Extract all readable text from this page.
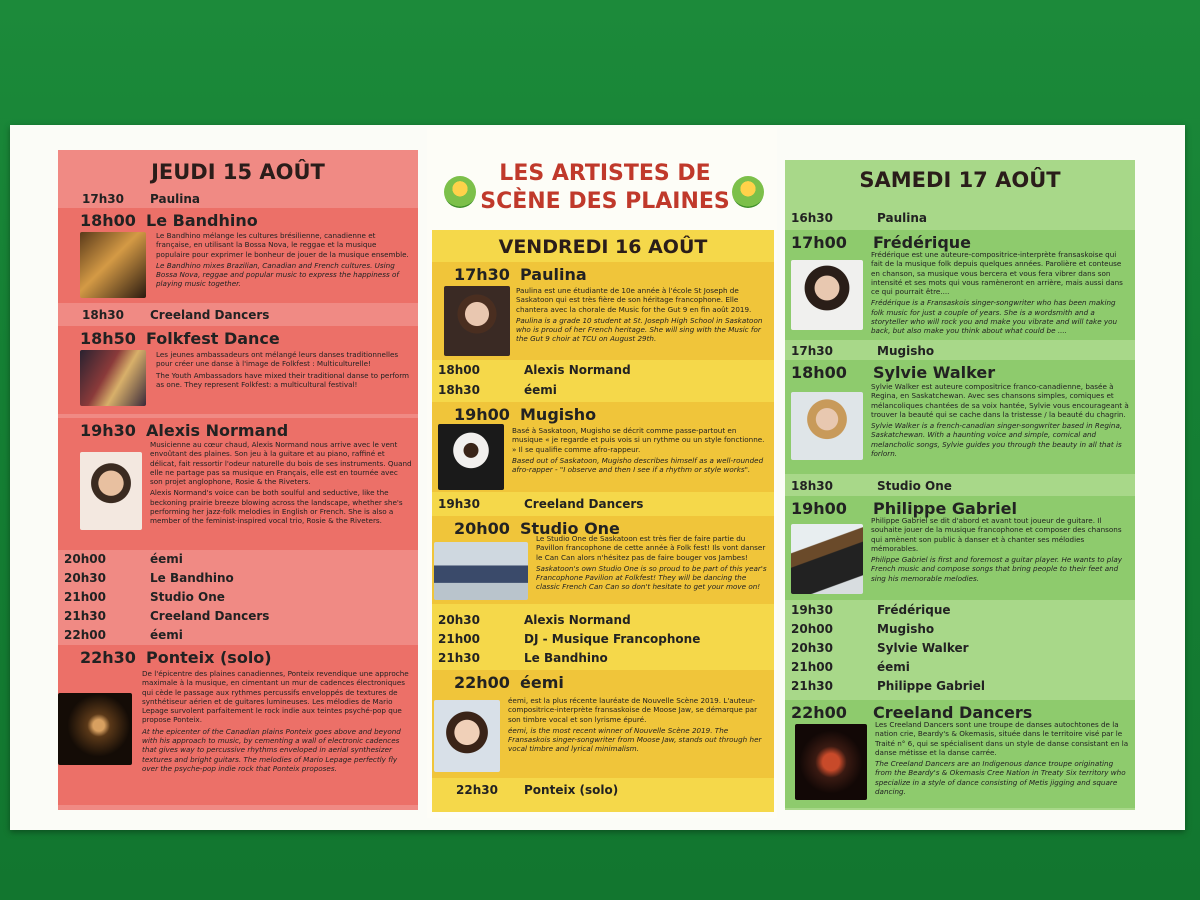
JEUDI 15 AOÛT
17h30	Paulina
18h00 Le Bandhino
Le Bandhino mélange les cultures brésilienne, canadienne et française, en utilisant la Bossa Nova, le reggae et la musique populaire pour exprimer le bonheur de jouer de la musique ensemble.
Le Bandhino mixes Brazilian, Canadian and French cultures. Using Bossa Nova, reggae and popular music to express the happiness of playing music together.
18h30	Creeland Dancers
18h50 Folkfest Dance
Les jeunes ambassadeurs ont mélangé leurs danses traditionnelles pour créer une danse à l'image de Folkfest : Multiculturelle!
The Youth Ambassadors have mixed their traditional danse to perform as one. They represent Folkfest: a multicultural festival!
19h30 Alexis Normand
Musicienne au cœur chaud, Alexis Normand nous arrive avec le vent envoûtant des plaines. Son jeu à la guitare et au piano, raffiné et délicat, fait ressortir l'odeur naturelle du bois de ses instruments. Quand elle ne partage pas sa musique en Français, elle est en tournée avec son projet anglophone, Rosie & the Riveters.
Alexis Normand's voice can be both soulful and seductive, like the beckoning prairie breeze blowing across the landscape, whether she's performing her jazz-folk melodies in English or French. She is also a member of the feminist-inspired vocal trio, Rosie & the Riveters.
20h00	éemi
20h30	Le Bandhino
21h00	Studio One
21h30	Creeland Dancers
22h00	éemi
22h30 Ponteix (solo)
De l'épicentre des plaines canadiennes, Ponteix revendique une approche maximale à la musique, en cimentant un mur de cadences électroniques qui cède le passage aux rythmes percussifs enveloppés de textures de synthétiseur aérien et de guitares lumineuses. Les mélodies de Mario Lepage survolent parfaitement le rock indie aux teintes psyché-pop que propose Ponteix.
At the epicenter of the Canadian plains Ponteix goes above and beyond with his approach to music, by cementing a wall of electronic cadences that gives way to percussive rhythms enveloped in aerial synthesizer textures and bright guitars. The melodies of Mario Lepage perfectly fly over the psyche-pop indie rock that Ponteix proposes.
LES ARTISTES DE
SCÈNE DES PLAINES
VENDREDI 16 AOÛT
17h30 Paulina
Paulina est une étudiante de 10e année à l'école St Joseph de Saskatoon qui est très fière de son héritage francophone. Elle chantera avec la chorale de Music for the Gut 9 en fin août 2019.
Paulina is a grade 10 student at St. Joseph High School in Saskatoon who is proud of her French heritage. She will sing with the Music for the Gut 9 choir at TCU on August 29th.
18h00	Alexis Normand
18h30	éemi
19h00 Mugisho
Basé à Saskatoon, Mugisho se décrit comme passe-partout en musique « je regarde et puis vois si un rythme ou un style fonctionne. » Il se qualifie comme afro-rappeur.
Based out of Saskatoon, Mugisho describes himself as a well-rounded afro-rapper - "I observe and then I see if a rhythm or style works".
19h30	Creeland Dancers
20h00 Studio One
Le Studio One de Saskatoon est très fier de faire partie du Pavillon francophone de cette année à Folk fest! Ils vont danser le Can Can alors n'hésitez pas de faire bouger vos Jambes!
Saskatoon's own Studio One is so proud to be part of this year's Francophone Pavilion at Folkfest! They will be dancing the classic French Can Can so don't hesitate to get your move on!
20h30	Alexis Normand
21h00	DJ - Musique Francophone
21h30	Le Bandhino
22h00 éemi
éemi, est la plus récente lauréate de Nouvelle Scène 2019. L'auteur-compositrice-interprète fransaskoise de Moose Jaw, se démarque par son timbre vocal et son lyrisme épuré.
éemi, is the most recent winner of Nouvelle Scène 2019. The Fransaskois singer-songwriter from Moose Jaw, stands out through her vocal timbre and lyrical minimalism.
22h30	Ponteix (solo)
SAMEDI 17 AOÛT
16h30	Paulina
17h00	Frédérique
Frédérique est une auteure-compositrice-interprète fransaskoise qui fait de la musique folk depuis quelques années. Parolière et conteuse en chanson, sa musique vous bercera et vous fera vibrer dans son intensité et ses mots qui vous ramèneront en arrière, mais aussi dans ce qui pourrait être....
Frédérique is a Fransaskois singer-songwriter who has been making folk music for just a couple of years. She is a wordsmith and a storyteller who will rock you and make you vibrate and will take you back, but also make you think about what could be ....
17h30	Mugisho
18h00	Sylvie Walker
Sylvie Walker est auteure compositrice franco-canadienne, basée à Regina, en Saskatchewan. Avec ses chansons simples, comiques et mélancoliques chantées de sa voix hantée, Sylvie vous encourageant à trouver la beauté qui se cache dans la tristesse / la beauté du chagrin.
Sylvie Walker is a french-canadian singer-songwriter based in Regina, Saskatchewan. With a haunting voice and simple, comical and melancholic songs, Sylvie guides you through the beauty in all that is forlorn.
18h30	Studio One
19h00	Philippe Gabriel
Philippe Gabriel se dit d'abord et avant tout joueur de guitare. Il souhaite jouer de la musique francophone et composer des chansons qui amènent son public à danser et à chanter ses mélodies mémorables.
Philippe Gabriel is first and foremost a guitar player. He wants to play French music and compose songs that bring people to their feet and sing his memorable melodies.
19h30	Frédérique
20h00	Mugisho
20h30	Sylvie Walker
21h00	éemi
21h30	Philippe Gabriel
22h00	Creeland Dancers
Les Creeland Dancers sont une troupe de danses autochtones de la nation crie, Beardy's & Okemasis, située dans le territoire visé par le Traité n° 6, qui se spécialisent dans un style de danse consistant en la danse métisse et la danse carrée.
The Creeland Dancers are an Indigenous dance troupe originating from the Beardy's & Okemasis Cree Nation in Treaty Six territory who specialize in a style of dance consisting of Metis jigging and square dancing.
